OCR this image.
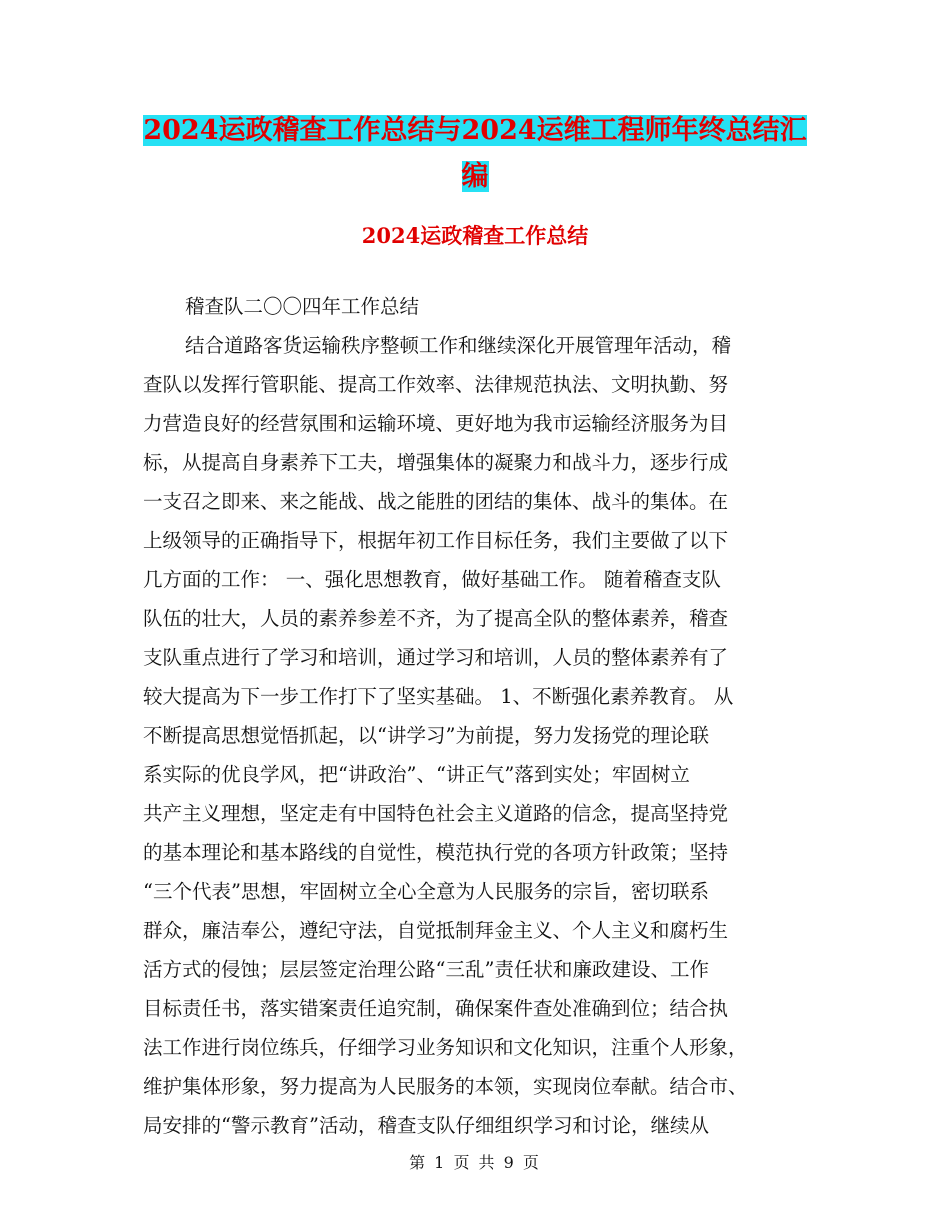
2024运政稽查工作总结与2024运维工程师年终总结汇
编
2024运政稽查工作总结
稽查队二〇〇四年工作总结
结合道路客货运输秩序整顿工作和继续深化开展管理年活动，稽
查队以发挥行管职能、提高工作效率、法律规范执法、文明执勤、努
力营造良好的经营氛围和运输环境、更好地为我市运输经济服务为目
标，从提高自身素养下工夫，增强集体的凝聚力和战斗力，逐步行成
一支召之即来、来之能战、战之能胜的团结的集体、战斗的集体。在
上级领导的正确指导下，根据年初工作目标任务，我们主要做了以下
几方面的工作： 一、强化思想教育，做好基础工作。 随着稽查支队
队伍的壮大，人员的素养参差不齐，为了提高全队的整体素养，稽查
支队重点进行了学习和培训，通过学习和培训，人员的整体素养有了
较大提高为下一步工作打下了坚实基础。 1、不断强化素养教育。 从
不断提高思想觉悟抓起，以“讲学习”为前提，努力发扬党的理论联
系实际的优良学风，把“讲政治”、“讲正气”落到实处；牢固树立
共产主义理想，坚定走有中国特色社会主义道路的信念，提高坚持党
的基本理论和基本路线的自觉性，模范执行党的各项方针政策；坚持
“三个代表”思想，牢固树立全心全意为人民服务的宗旨，密切联系
群众，廉洁奉公，遵纪守法，自觉抵制拜金主义、个人主义和腐朽生
活方式的侵蚀；层层签定治理公路“三乱”责任状和廉政建设、工作
目标责任书，落实错案责任追究制，确保案件查处准确到位；结合执
法工作进行岗位练兵，仔细学习业务知识和文化知识，注重个人形象，
维护集体形象，努力提高为人民服务的本领，实现岗位奉献。结合市、
局安排的“警示教育”活动，稽查支队仔细组织学习和讨论，继续从
第 1 页 共 9 页
